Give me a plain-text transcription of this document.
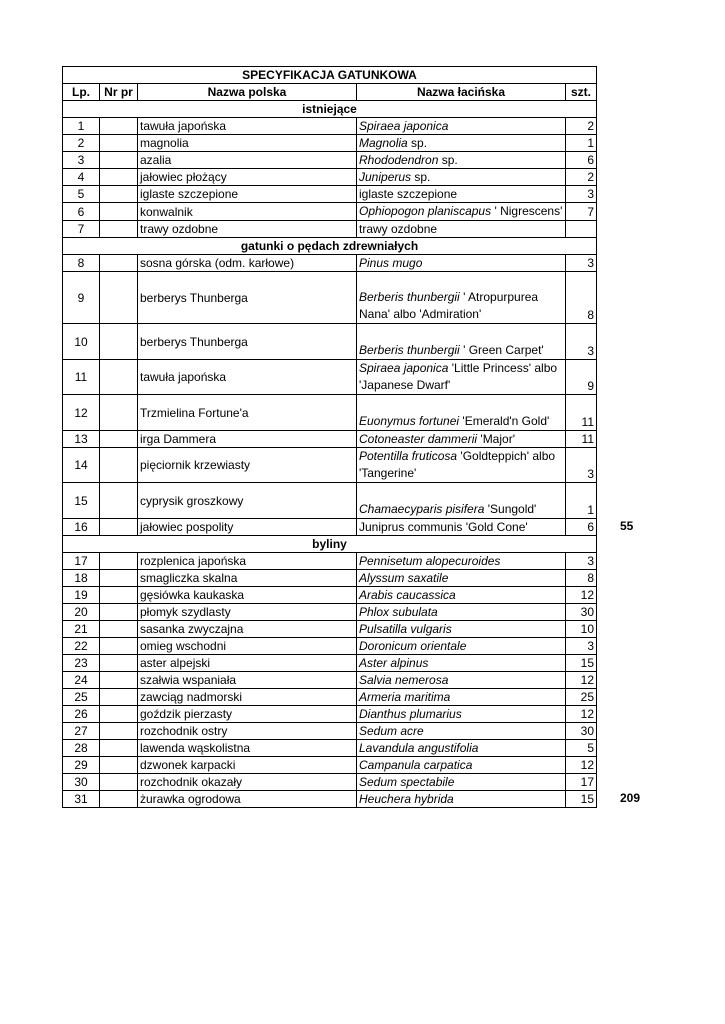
SPECYFIKACJA GATUNKOWA				
Lp.	Nr pr	Nazwa polska	Nazwa łacińska	szt.
istniejące				
1		tawuła japońska	Spiraea japonica	2
2		magnolia	Magnolia sp.	1
3		azalia	Rhododendron sp.	6
4		jałowiec płożący	Juniperus sp.	2
5		iglaste szczepione	iglaste szczepione	3
6		konwalnik	Ophiopogon planiscapus ' Nigrescens'	7
7		trawy ozdobne	trawy ozdobne	
gatunki o pędach zdrewniałych				
8		sosna górska (odm. karłowe)	Pinus mugo	3
9		berberys Thunberga	Berberis thunbergii ' Atropurpurea Nana' albo 'Admiration'	8
10		berberys Thunberga	Berberis thunbergii ' Green Carpet'	3
11		tawuła japońska	Spiraea japonica 'Little Princess' albo 'Japanese Dwarf'	9
12		Trzmielina Fortune'a	Euonymus fortunei 'Emerald'n Gold'	11
13		irga Dammera	Cotoneaster dammerii 'Major'	11
14		pięciornik krzewiasty	Potentilla fruticosa 'Goldteppich' albo 'Tangerine'	3
15		cyprysik groszkowy	Chamaecyparis pisifera 'Sungold'	1
16		jałowiec pospolity	Juniprus communis 'Gold Cone'	6
byliny				
17		rozplenica japońska	Pennisetum alopecuroides	3
18		smagliczka skalna	Alyssum saxatile	8
19		gęsiówka kaukaska	Arabis caucassica	12
20		płomyk szydlasty	Phlox subulata	30
21		sasanka zwyczajna	Pulsatilla vulgaris	10
22		omieg wschodni	Doronicum orientale	3
23		aster alpejski	Aster alpinus	15
24		szałwia wspaniała	Salvia nemerosa	12
25		zawciąg nadmorski	Armeria maritima	25
26		goździk pierzasty	Dianthus plumarius	12
27		rozchodnik ostry	Sedum acre	30
28		lawenda wąskolistna	Lavandula angustifolia	5
29		dzwonek karpacki	Campanula carpatica	12
30		rozchodnik okazały	Sedum spectabile	17
31		żurawka ogrodowa	Heuchera hybrida	15
55
209
